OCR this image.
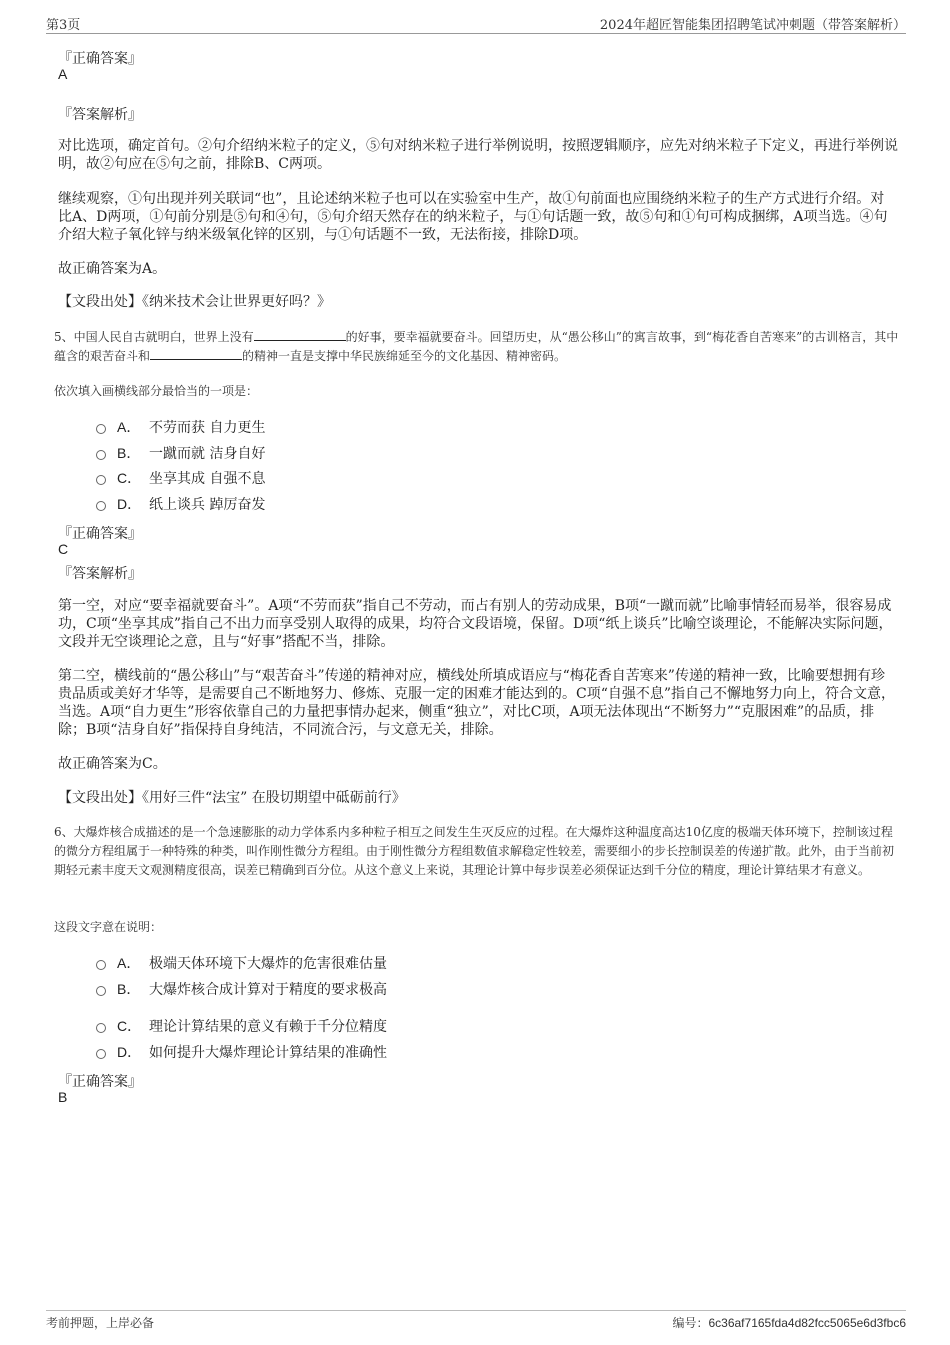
第3页	2024年超匠智能集团招聘笔试冲刺题（带答案解析）
『正确答案』
A
『答案解析』
对比选项，确定首句。②句介绍纳米粒子的定义，⑤句对纳米粒子进行举例说明，按照逻辑顺序，应先对纳米粒子下定义，再进行举例说明，故②句应在⑤句之前，排除B、C两项。
继续观察，①句出现并列关联词“也”，且论述纳米粒子也可以在实验室中生产，故①句前面也应围绕纳米粒子的生产方式进行介绍。对比A、D两项，①句前分别是⑤句和④句，⑤句介绍天然存在的纳米粒子，与①句话题一致，故⑤句和①句可构成捆绑，A项当选。④句介绍大粒子氧化锌与纳米级氧化锌的区别，与①句话题不一致，无法衔接，排除D项。
故正确答案为A。
【文段出处】《纳米技术会让世界更好吗？》
5、中国人民自古就明白，世界上没有	的好事，要幸福就要奋斗。回望历史，从“愚公移山”的寓言故事，到“梅花香自苦寒来”的古训格言，其中蕴含的艰苦奋斗和	的精神一直是支撑中华民族绵延至今的文化基因、精神密码。
依次填入画横线部分最恰当的一项是：
A． 不劳而获 自力更生
B． 一蹴而就 洁身自好
C． 坐享其成 自强不息
D． 纸上谈兵 踔厉奋发
『正确答案』
C
『答案解析』
第一空，对应“要幸福就要奋斗”。A项“不劳而获”指自己不劳动，而占有别人的劳动成果，B项“一蹴而就”比喻事情轻而易举，很容易成功，C项“坐享其成”指自己不出力而享受别人取得的成果，均符合文段语境，保留。D项“纸上谈兵”比喻空谈理论，不能解决实际问题，文段并无空谈理论之意，且与“好事”搭配不当，排除。
第二空，横线前的“愚公移山”与“艰苦奋斗”传递的精神对应，横线处所填成语应与“梅花香自苦寒来”传递的精神一致，比喻要想拥有珍贵品质或美好才华等，是需要自己不断地努力、修炼、克服一定的困难才能达到的。C项“自强不息”指自己不懈地努力向上，符合文意，当选。A项“自力更生”形容依靠自己的力量把事情办起来，侧重“独立”，对比C项，A项无法体现出“不断努力”“克服困难”的品质，排除；B项“洁身自好”指保持自身纯洁，不同流合污，与文意无关，排除。
故正确答案为C。
【文段出处】《用好三件“法宝” 在股切期望中砥砺前行》
6、大爆炸核合成描述的是一个急速膨胀的动力学体系内多种粒子相互之间发生生灭反应的过程。在大爆炸这种温度高达10亿度的极端天体环境下，控制该过程的微分方程组属于一种特殊的种类，叫作刚性微分方程组。由于刚性微分方程组数值求解稳定性较差，需要细小的步长控制误差的传递扩散。此外，由于当前初期轻元素丰度天文观测精度很高，误差已精确到百分位。从这个意义上来说，其理论计算中每步误差必须保证达到千分位的精度，理论计算结果才有意义。
这段文字意在说明：
A． 极端天体环境下大爆炸的危害很难估量
B． 大爆炸核合成计算对于精度的要求极高
C． 理论计算结果的意义有赖于千分位精度
D． 如何提升大爆炸理论计算结果的准确性
『正确答案』
B
考前押题，上岸必备	编号：6c36af7165fda4d82fcc5065e6d3fbc6
